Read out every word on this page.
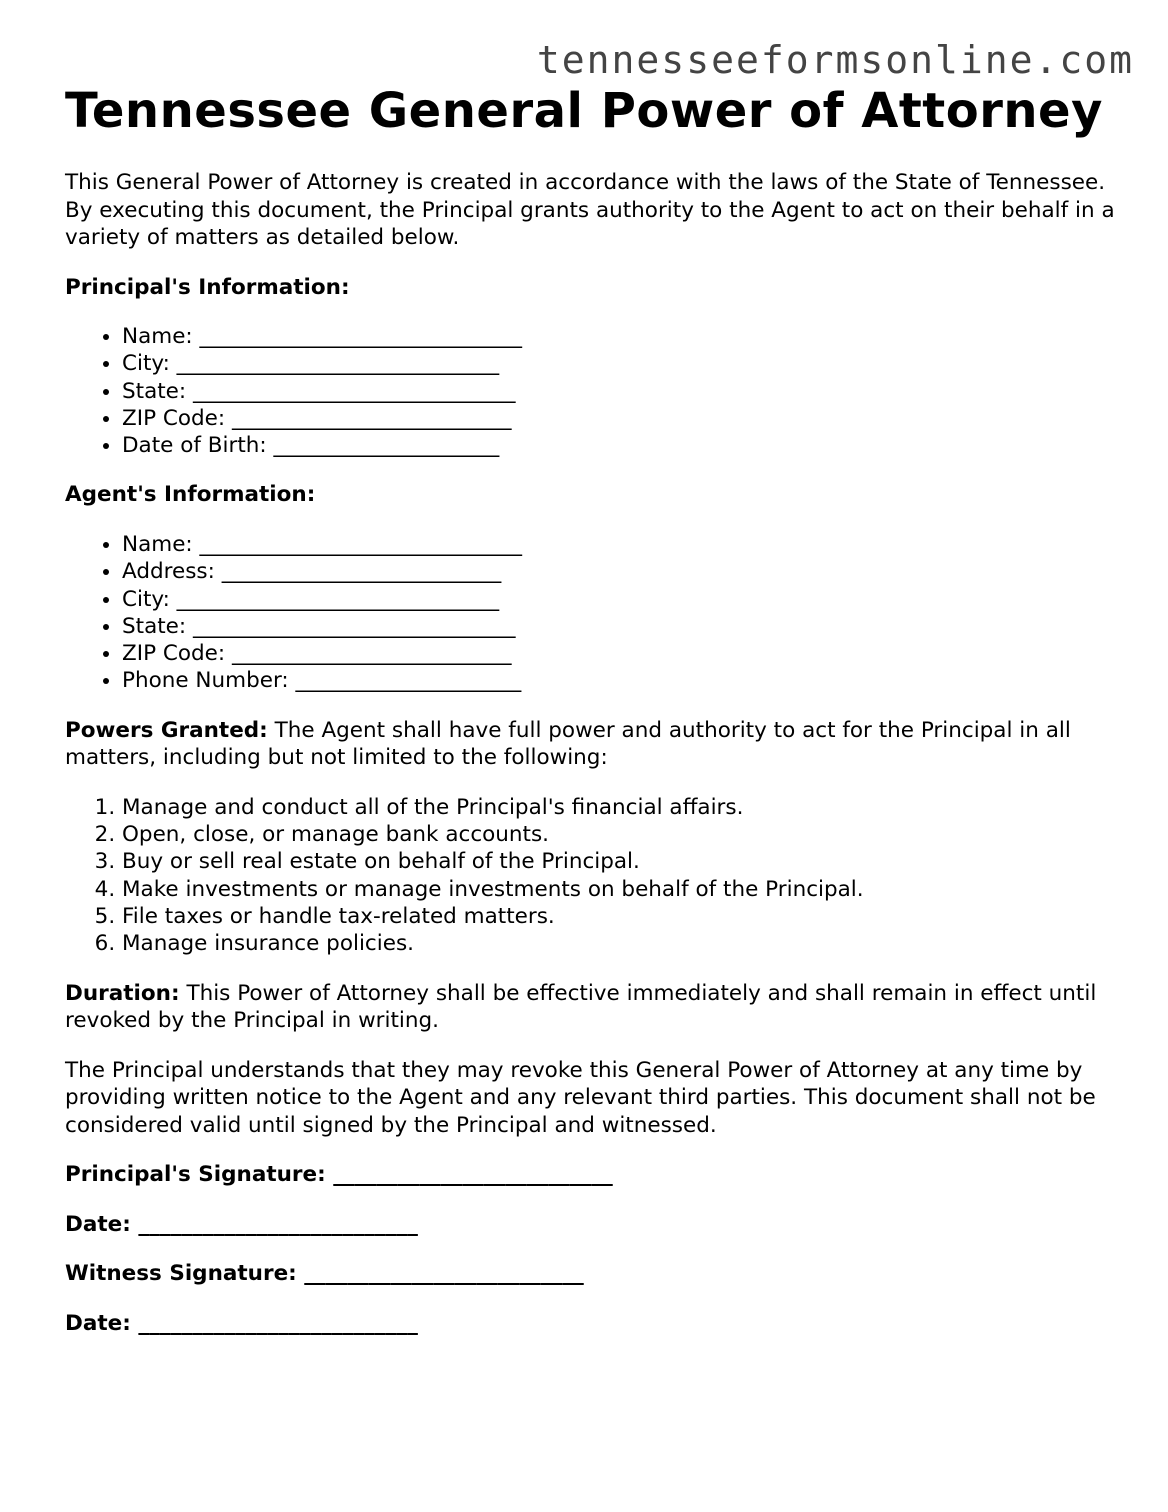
tennesseeformsonline.com
Tennessee General Power of Attorney

This General Power of Attorney is created in accordance with the laws of the State of Tennessee. By executing this document, the Principal grants authority to the Agent to act on their behalf in a variety of matters as detailed below.

Principal's Information:

• Name: ______________________________
• City: ______________________________
• State: ______________________________
• ZIP Code: __________________________
• Date of Birth: _____________________

Agent's Information:

• Name: ______________________________
• Address: __________________________
• City: ______________________________
• State: ______________________________
• ZIP Code: __________________________
• Phone Number: _____________________

Powers Granted: The Agent shall have full power and authority to act for the Principal in all matters, including but not limited to the following:

1. Manage and conduct all of the Principal's financial affairs.
2. Open, close, or manage bank accounts.
3. Buy or sell real estate on behalf of the Principal.
4. Make investments or manage investments on behalf of the Principal.
5. File taxes or handle tax-related matters.
6. Manage insurance policies.

Duration: This Power of Attorney shall be effective immediately and shall remain in effect until revoked by the Principal in writing.

The Principal understands that they may revoke this General Power of Attorney at any time by providing written notice to the Agent and any relevant third parties. This document shall not be considered valid until signed by the Principal and witnessed.

Principal's Signature: __________________________

Date: __________________________

Witness Signature: __________________________

Date: __________________________
